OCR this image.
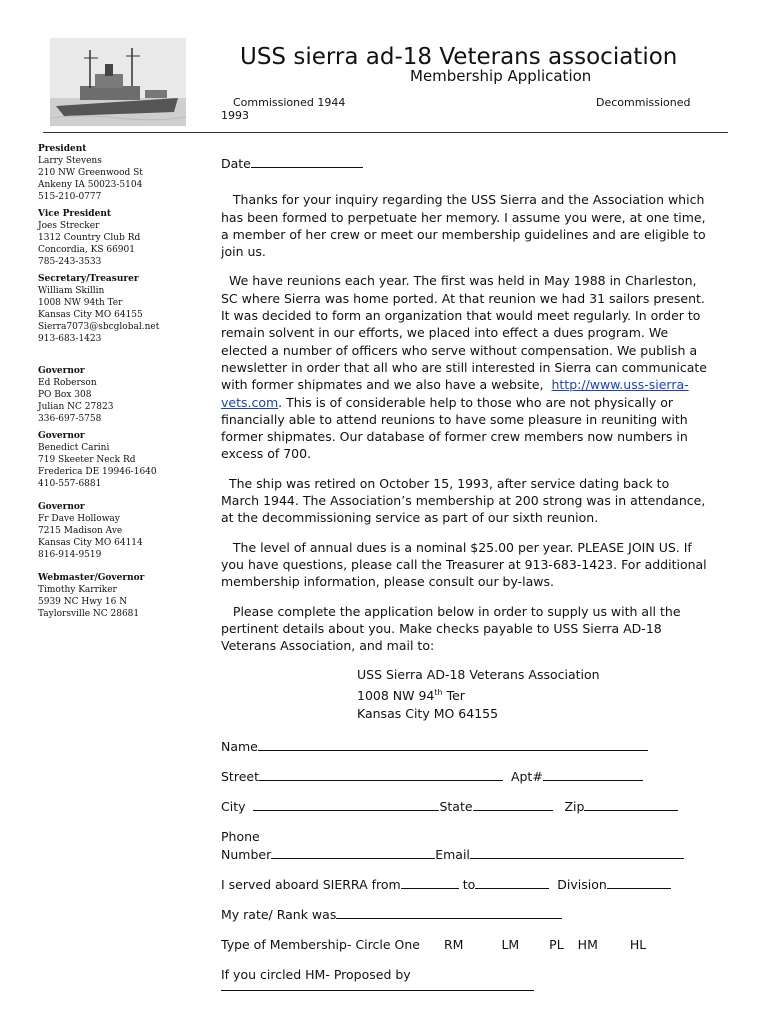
USS sierra ad-18 Veterans association
Membership Application
Commissioned 1944	Decommissioned
1993
President
Larry Stevens
210 NW Greenwood St
Ankeny IA 50023-5104
515-210-0777
Vice President
Joes Strecker
1312 Country Club Rd
Concordia, KS 66901
785-243-3533
Secretary/Treasurer
William Skillin
1008 NW 94th Ter
Kansas City MO 64155
Sierra7073@sbcglobal.net
913-683-1423
Governor
Ed Roberson
PO Box 308
Julian NC 27823
336-697-5758
Governor
Benedict Carini
719 Skeeter Neck Rd
Frederica DE 19946-1640
410-557-6881
Governor
Fr Dave Holloway
7215 Madison Ave
Kansas City MO 64114
816-914-9519
Webmaster/Governor
Timothy Karriker
5939 NC Hwy 16 N
Taylorsville NC 28681

Date

Thanks for your inquiry regarding the USS Sierra and the Association which has been formed to perpetuate her memory. I assume you were, at one time, a member of her crew or meet our membership guidelines and are eligible to join us.

We have reunions each year. The first was held in May 1988 in Charleston, SC where Sierra was home ported. At that reunion we had 31 sailors present. It was decided to form an organization that would meet regularly. In order to remain solvent in our efforts, we placed into effect a dues program. We elected a number of officers who serve without compensation. We publish a newsletter in order that all who are still interested in Sierra can communicate with former shipmates and we also have a website, http://www.uss-sierra-vets.com. This is of considerable help to those who are not physically or financially able to attend reunions to have some pleasure in reuniting with former shipmates. Our database of former crew members now numbers in excess of 700.

The ship was retired on October 15, 1993, after service dating back to March 1944. The Association’s membership at 200 strong was in attendance, at the decommissioning service as part of our sixth reunion.

The level of annual dues is a nominal $25.00 per year. PLEASE JOIN US. If you have questions, please call the Treasurer at 913-683-1423. For additional membership information, please consult our by-laws.

Please complete the application below in order to supply us with all the pertinent details about you. Make checks payable to USS Sierra AD-18 Veterans Association, and mail to:

USS Sierra AD-18 Veterans Association
1008 NW 94th Ter
Kansas City MO 64155
Name
Street	Apt#
City	State	Zip
Phone
Number	Email
I served aboard SIERRA from	to	Division
My rate/ Rank was
Type of Membership- Circle One RM	LM PL HM	HL
If you circled HM- Proposed by
